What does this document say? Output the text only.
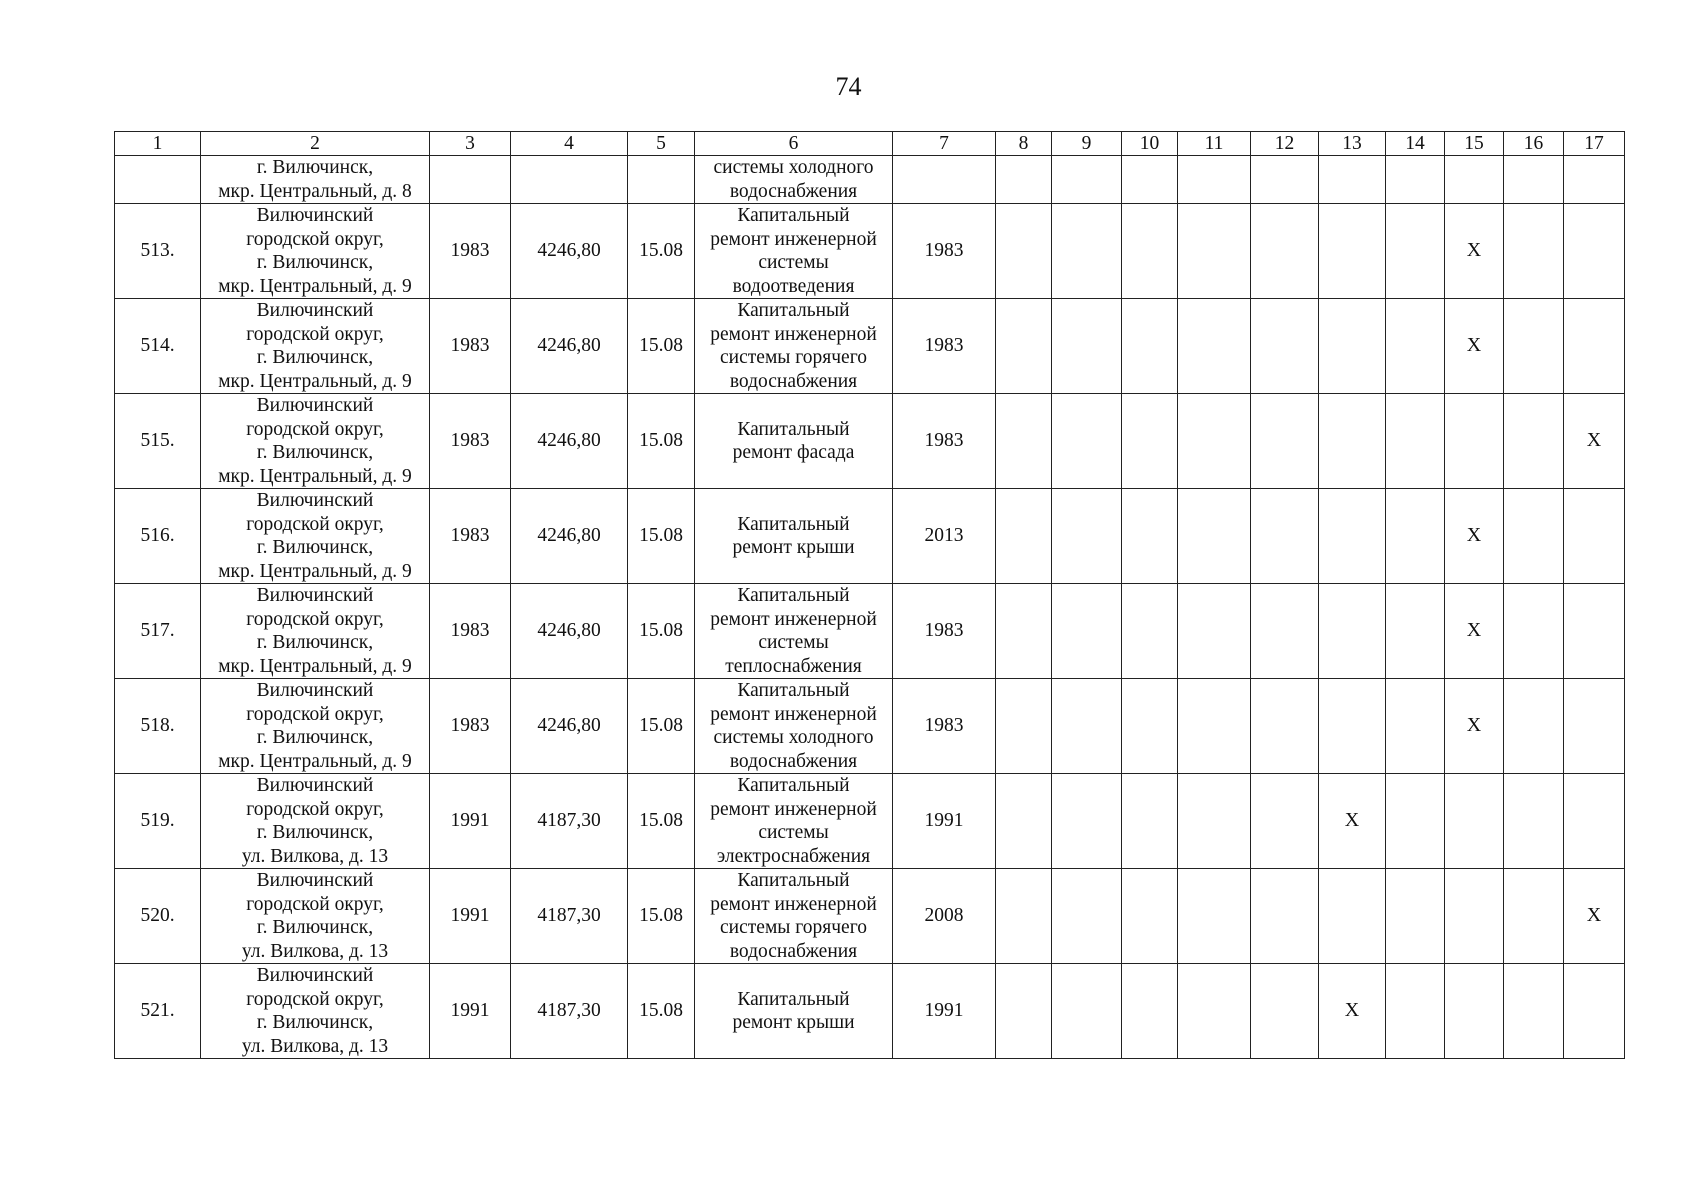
74
1	2	3	4	5	6	7	8	9	10	11	12	13	14	15	16	17
	г. Вилючинск,
мкр. Центральный, д. 8				системы холодного
водоснабжения											
513.	Вилючинский
городской округ,
г. Вилючинск,
мкр. Центральный, д. 9	1983	4246,80	15.08	Капитальный
ремонт инженерной
системы
водоотведения	1983								X		
514.	Вилючинский
городской округ,
г. Вилючинск,
мкр. Центральный, д. 9	1983	4246,80	15.08	Капитальный
ремонт инженерной
системы горячего
водоснабжения	1983								X		
515.	Вилючинский
городской округ,
г. Вилючинск,
мкр. Центральный, д. 9	1983	4246,80	15.08	Капитальный
ремонт фасада	1983										X
516.	Вилючинский
городской округ,
г. Вилючинск,
мкр. Центральный, д. 9	1983	4246,80	15.08	Капитальный
ремонт крыши	2013								X		
517.	Вилючинский
городской округ,
г. Вилючинск,
мкр. Центральный, д. 9	1983	4246,80	15.08	Капитальный
ремонт инженерной
системы
теплоснабжения	1983								X		
518.	Вилючинский
городской округ,
г. Вилючинск,
мкр. Центральный, д. 9	1983	4246,80	15.08	Капитальный
ремонт инженерной
системы холодного
водоснабжения	1983								X		
519.	Вилючинский
городской округ,
г. Вилючинск,
ул. Вилкова, д. 13	1991	4187,30	15.08	Капитальный
ремонт инженерной
системы
электроснабжения	1991						X				
520.	Вилючинский
городской округ,
г. Вилючинск,
ул. Вилкова, д. 13	1991	4187,30	15.08	Капитальный
ремонт инженерной
системы горячего
водоснабжения	2008										X
521.	Вилючинский
городской округ,
г. Вилючинск,
ул. Вилкова, д. 13	1991	4187,30	15.08	Капитальный
ремонт крыши	1991						X				
